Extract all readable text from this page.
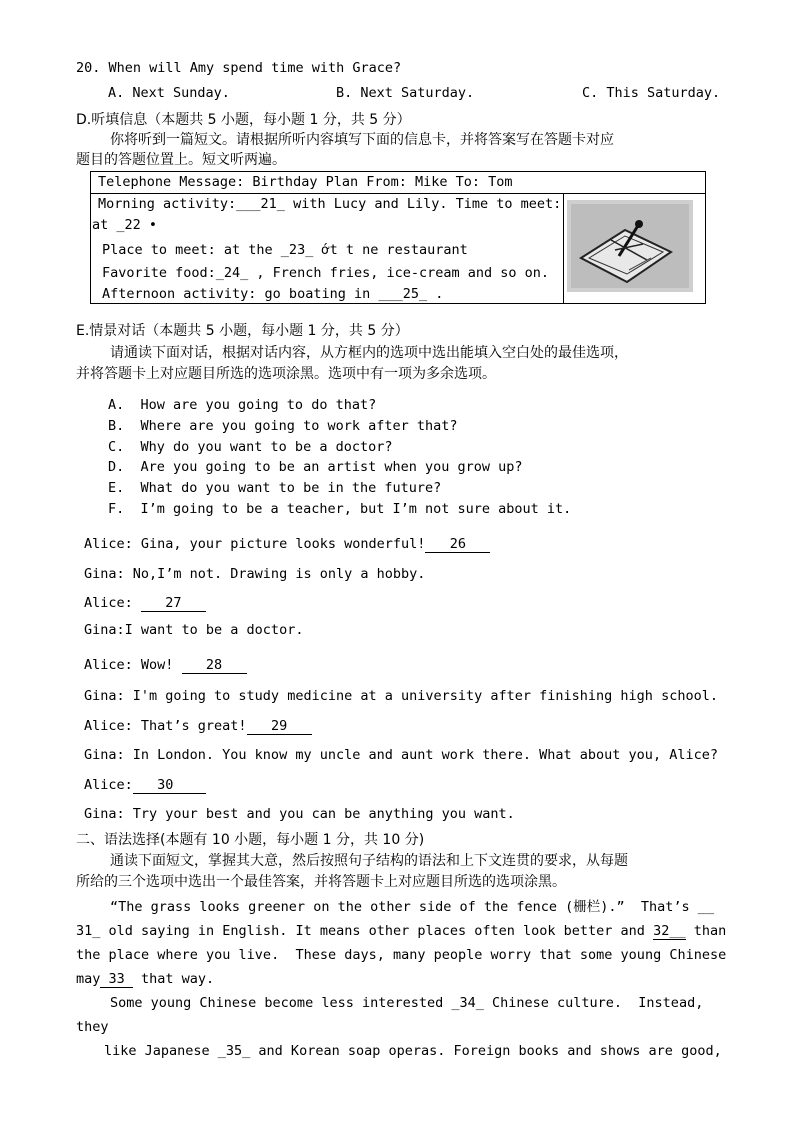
20. When will Amy spend time with Grace?
A. Next Sunday.	B. Next Saturday.	C. This Saturday.
D.听填信息（本题共 5 小题，每小题 1 分，共 5 分）
你将听到一篇短文。请根据所听内容填写下面的信息卡，并将答案写在答题卡对应
题目的答题位置上。短文听两遍。
Telephone Message: Birthday Plan From: Mike To: Tom
Morning activity:___21_ with Lucy and Lily. Time to meet:
at _22 •
Place to meet: at the _23_ ớt t ne restaurant
Favorite food:_24_ , French fries, ice-cream and so on.
Afternoon activity: go boating in ___25_ .
E.情景对话（本题共 5 小题，每小题 1 分，共 5 分）
请通读下面对话，根据对话内容，从方框内的选项中选出能填入空白处的最佳选项，
并将答题卡上对应题目所选的选项涂黑。选项中有一项为多余选项。
A.  How are you going to do that?
B.  Where are you going to work after that?
C.  Why do you want to be a doctor?
D.  Are you going to be an artist when you grow up?
E.  What do you want to be in the future?
F.  I’m going to be a teacher, but I’m not sure about it.
Alice: Gina, your picture looks wonderful!   26
Gina: No,I’m not. Drawing is only a hobby.
Alice:    27
Gina:I want to be a doctor.
Alice: Wow!    28
Gina: I'm going to study medicine at a university after finishing high school.
Alice: That’s great!   29
Gina: In London. You know my uncle and aunt work there. What about you, Alice?
Alice:   30
Gina: Try your best and you can be anything you want.
二、语法选择(本题有 10 小题，每小题 1 分，共 10 分)
通读下面短文，掌握其大意，然后按照句子结构的语法和上下文连贯的要求，从每题
所给的三个选项中选出一个最佳答案，并将答题卡上对应题目所选的选项涂黑。
“The grass looks greener on the other side of the fence (栅栏).”  That’s __
31_ old saying in English. It means other places often look better and 32__ than
the place where you live.  These days, many people worry that some young Chinese
may 33  that way.
Some young Chinese become less interested _34_ Chinese culture.  Instead,
they
like Japanese _35_ and Korean soap operas. Foreign books and shows are good,
